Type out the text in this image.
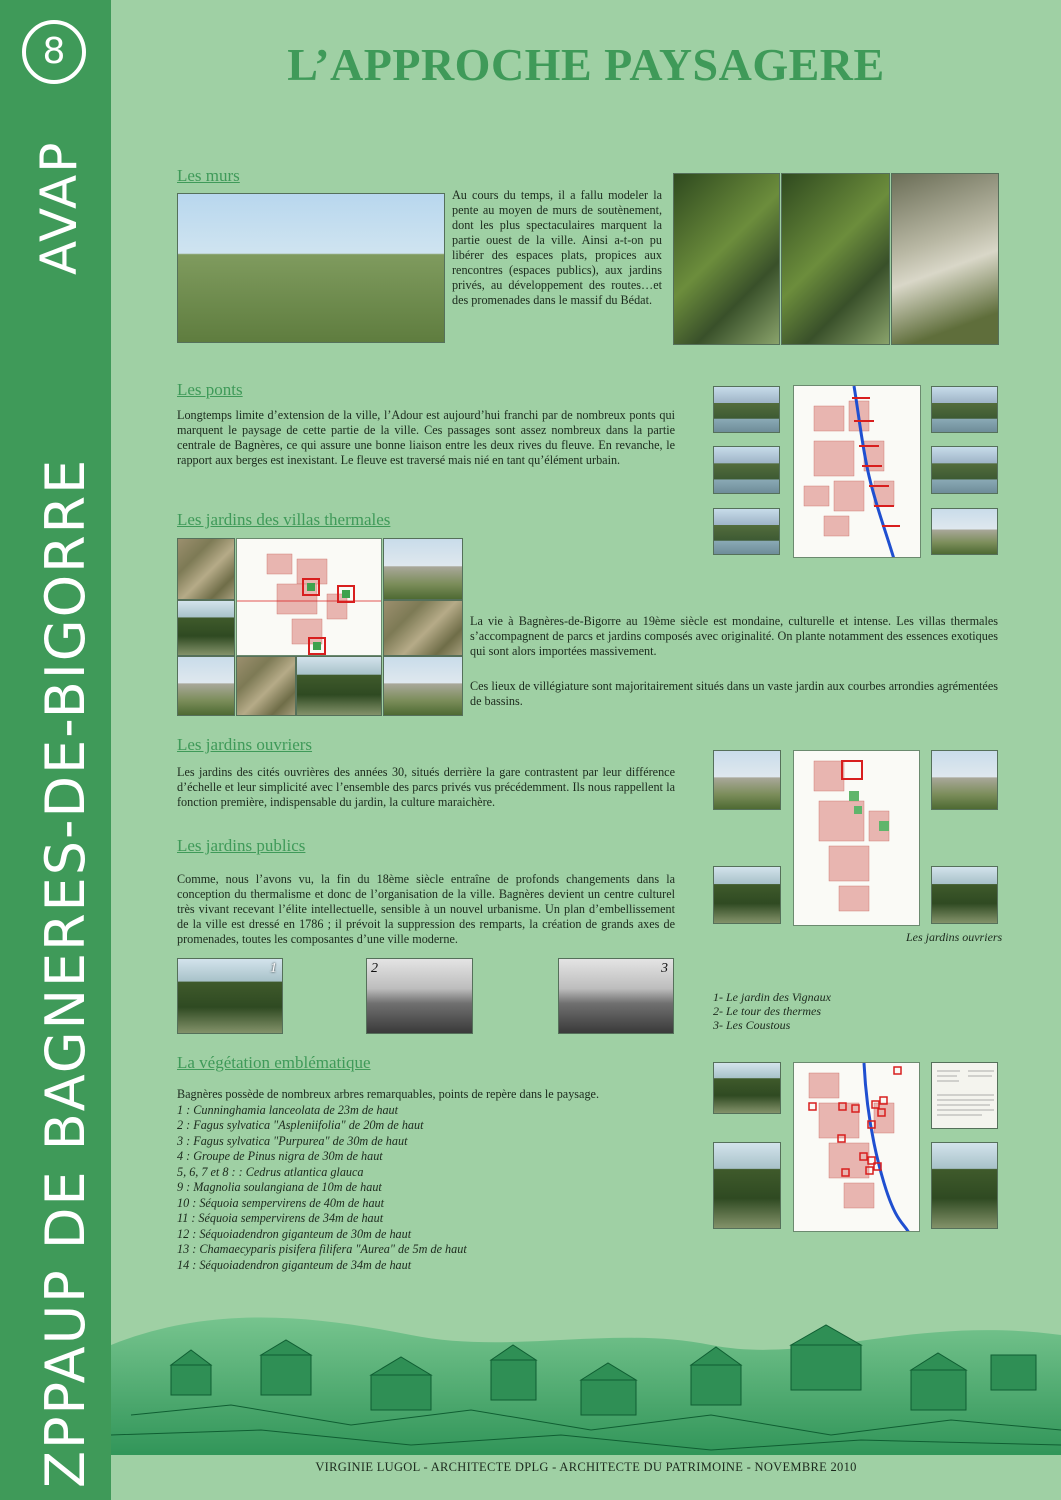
8
AVAP
ZPPAUP DE BAGNERES-DE-BIGORRE
L’APPROCHE PAYSAGERE
Les murs
Au cours du temps, il a fallu modeler la pente au moyen de murs de soutènement, dont les plus spectaculaires marquent la partie ouest de la ville. Ainsi a-t-on pu libérer des espaces plats, propices aux rencontres (espaces publics), aux jardins privés, au développement des routes…et des promenades dans le massif du Bédat.
Les ponts
Longtemps limite d’extension de la ville, l’Adour est aujourd’hui franchi par de nombreux ponts qui marquent le paysage de cette partie de la ville. Ces passages sont assez nombreux dans la partie centrale de Bagnères, ce qui assure une bonne liaison entre les deux rives du fleuve. En revanche, le rapport aux berges est inexistant. Le fleuve est traversé mais nié en tant qu’élément urbain.
Les jardins des villas thermales
La vie à Bagnères-de-Bigorre au 19ème siècle est mondaine, culturelle et intense. Les villas thermales s’accompagnent de parcs et jardins composés avec originalité. On plante notamment des essences exotiques qui sont alors importées massivement.
Ces lieux de villégiature sont majoritairement situés dans un vaste jardin aux courbes arrondies agrémentées de bassins.
Les jardins ouvriers
Les jardins des cités ouvrières des années 30, situés derrière la gare contrastent par leur différence d’échelle et leur simplicité avec l’ensemble des parcs privés vus précédemment. Ils nous rappellent la fonction première, indispensable du jardin, la culture maraichère.
Les jardins ouvriers
Les jardins publics
Comme, nous l’avons vu, la fin du 18ème siècle entraîne de profonds changements dans la conception du thermalisme et donc de l’organisation de la ville. Bagnères devient un centre culturel très vivant recevant l’élite intellectuelle, sensible à un nouvel urbanisme. Un plan d’embellissement de la ville est dressé en 1786 ; il prévoit la suppression des remparts, la création de grands axes de promenades, toutes les composantes d’une ville moderne.
1	2	3
1- Le jardin des Vignaux
2- Le tour des thermes
3- Les Coustous
La végétation emblématique
Bagnères possède de nombreux arbres remarquables, points de repère dans le paysage.
1 : Cunninghamia lanceolata de 23m de haut
2 : Fagus sylvatica "Aspleniifolia" de 20m de haut
3 : Fagus sylvatica "Purpurea" de 30m de haut
4 : Groupe de Pinus nigra de 30m de haut
5, 6, 7 et 8 : : Cedrus atlantica glauca
9 : Magnolia soulangiana de 10m de haut
10 : Séquoia sempervirens de 40m de haut
11 : Séquoia sempervirens de 34m de haut
12 : Séquoiadendron giganteum de 30m de haut
13 : Chamaecyparis pisifera filifera "Aurea" de 5m de haut
14 : Séquoiadendron giganteum de 34m de haut
VIRGINIE LUGOL - ARCHITECTE DPLG - ARCHITECTE DU PATRIMOINE - NOVEMBRE 2010
